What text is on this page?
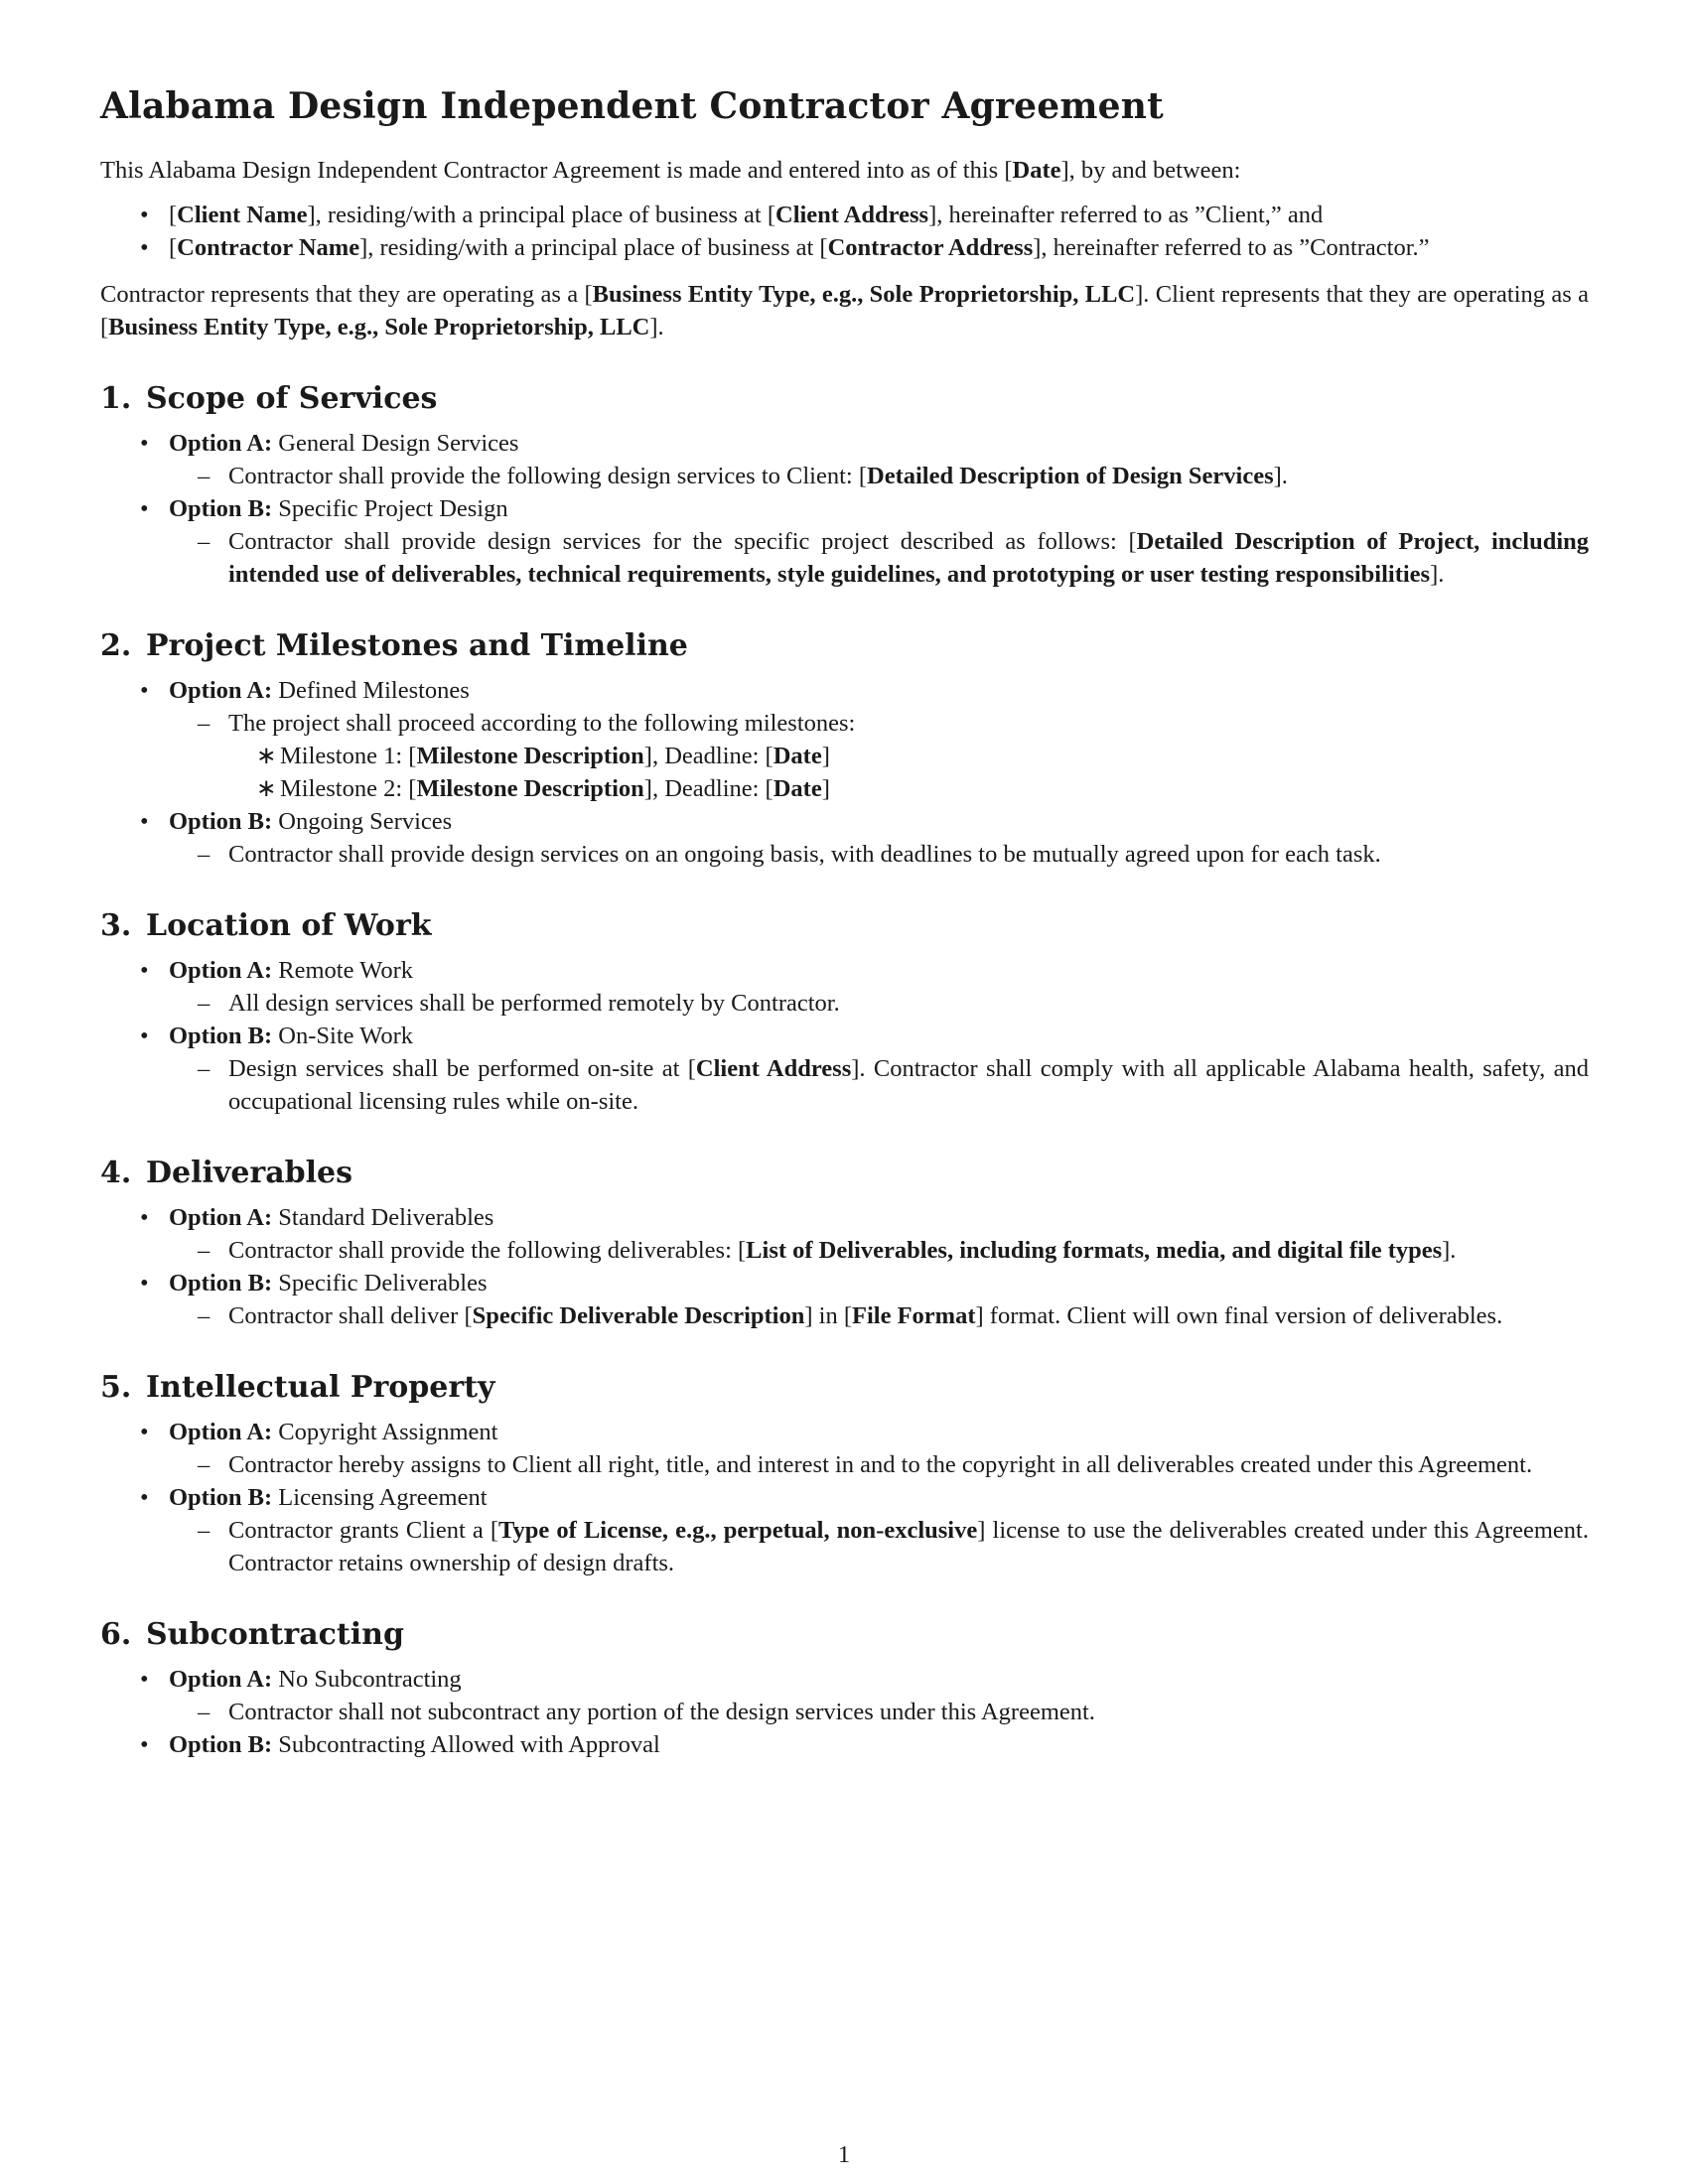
Alabama Design Independent Contractor Agreement

This Alabama Design Independent Contractor Agreement is made and entered into as of this [Date], by and between:

• [Client Name], residing/with a principal place of business at [Client Address], hereinafter referred to as ”Client,” and
• [Contractor Name], residing/with a principal place of business at [Contractor Address], hereinafter referred to as ”Contractor.”

Contractor represents that they are operating as a [Business Entity Type, e.g., Sole Proprietorship, LLC]. Client represents that they are operating as a [Business Entity Type, e.g., Sole Proprietorship, LLC].

1. Scope of Services
• Option A: General Design Services
– Contractor shall provide the following design services to Client: [Detailed Description of Design Services].
• Option B: Specific Project Design
– Contractor shall provide design services for the specific project described as follows: [Detailed Description of Project, including intended use of deliverables, technical requirements, style guidelines, and prototyping or user testing responsibilities].
2. Project Milestones and Timeline
• Option A: Defined Milestones
– The project shall proceed according to the following milestones:
∗ Milestone 1: [Milestone Description], Deadline: [Date]
∗ Milestone 2: [Milestone Description], Deadline: [Date]
• Option B: Ongoing Services
– Contractor shall provide design services on an ongoing basis, with deadlines to be mutually agreed upon for each task.
3. Location of Work
• Option A: Remote Work
– All design services shall be performed remotely by Contractor.
• Option B: On-Site Work
– Design services shall be performed on-site at [Client Address]. Contractor shall comply with all applicable Alabama health, safety, and occupational licensing rules while on-site.
4. Deliverables
• Option A: Standard Deliverables
– Contractor shall provide the following deliverables: [List of Deliverables, including formats, media, and digital file types].
• Option B: Specific Deliverables
– Contractor shall deliver [Specific Deliverable Description] in [File Format] format. Client will own final version of deliverables.
5. Intellectual Property
• Option A: Copyright Assignment
– Contractor hereby assigns to Client all right, title, and interest in and to the copyright in all deliverables created under this Agreement.
• Option B: Licensing Agreement
– Contractor grants Client a [Type of License, e.g., perpetual, non-exclusive] license to use the deliverables created under this Agreement. Contractor retains ownership of design drafts.
6. Subcontracting
• Option A: No Subcontracting
– Contractor shall not subcontract any portion of the design services under this Agreement.
• Option B: Subcontracting Allowed with Approval
1
